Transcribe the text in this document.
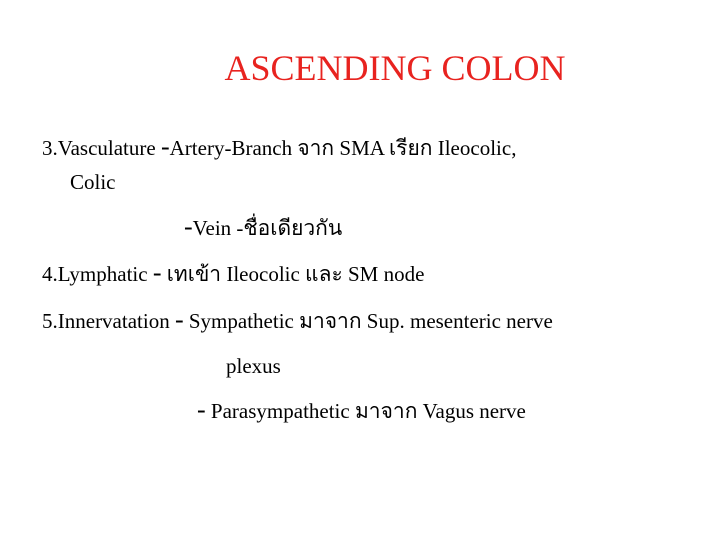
ASCENDING COLON
3.Vasculature -Artery-Branch จาก SMA เรียก Ileocolic,
Colic
-Vein -ชื่อเดียวกัน
4.Lymphatic - เทเข้า Ileocolic และ SM node
5.Innervatation - Sympathetic มาจาก Sup. mesenteric nerve
plexus
- Parasympathetic มาจาก Vagus nerve
